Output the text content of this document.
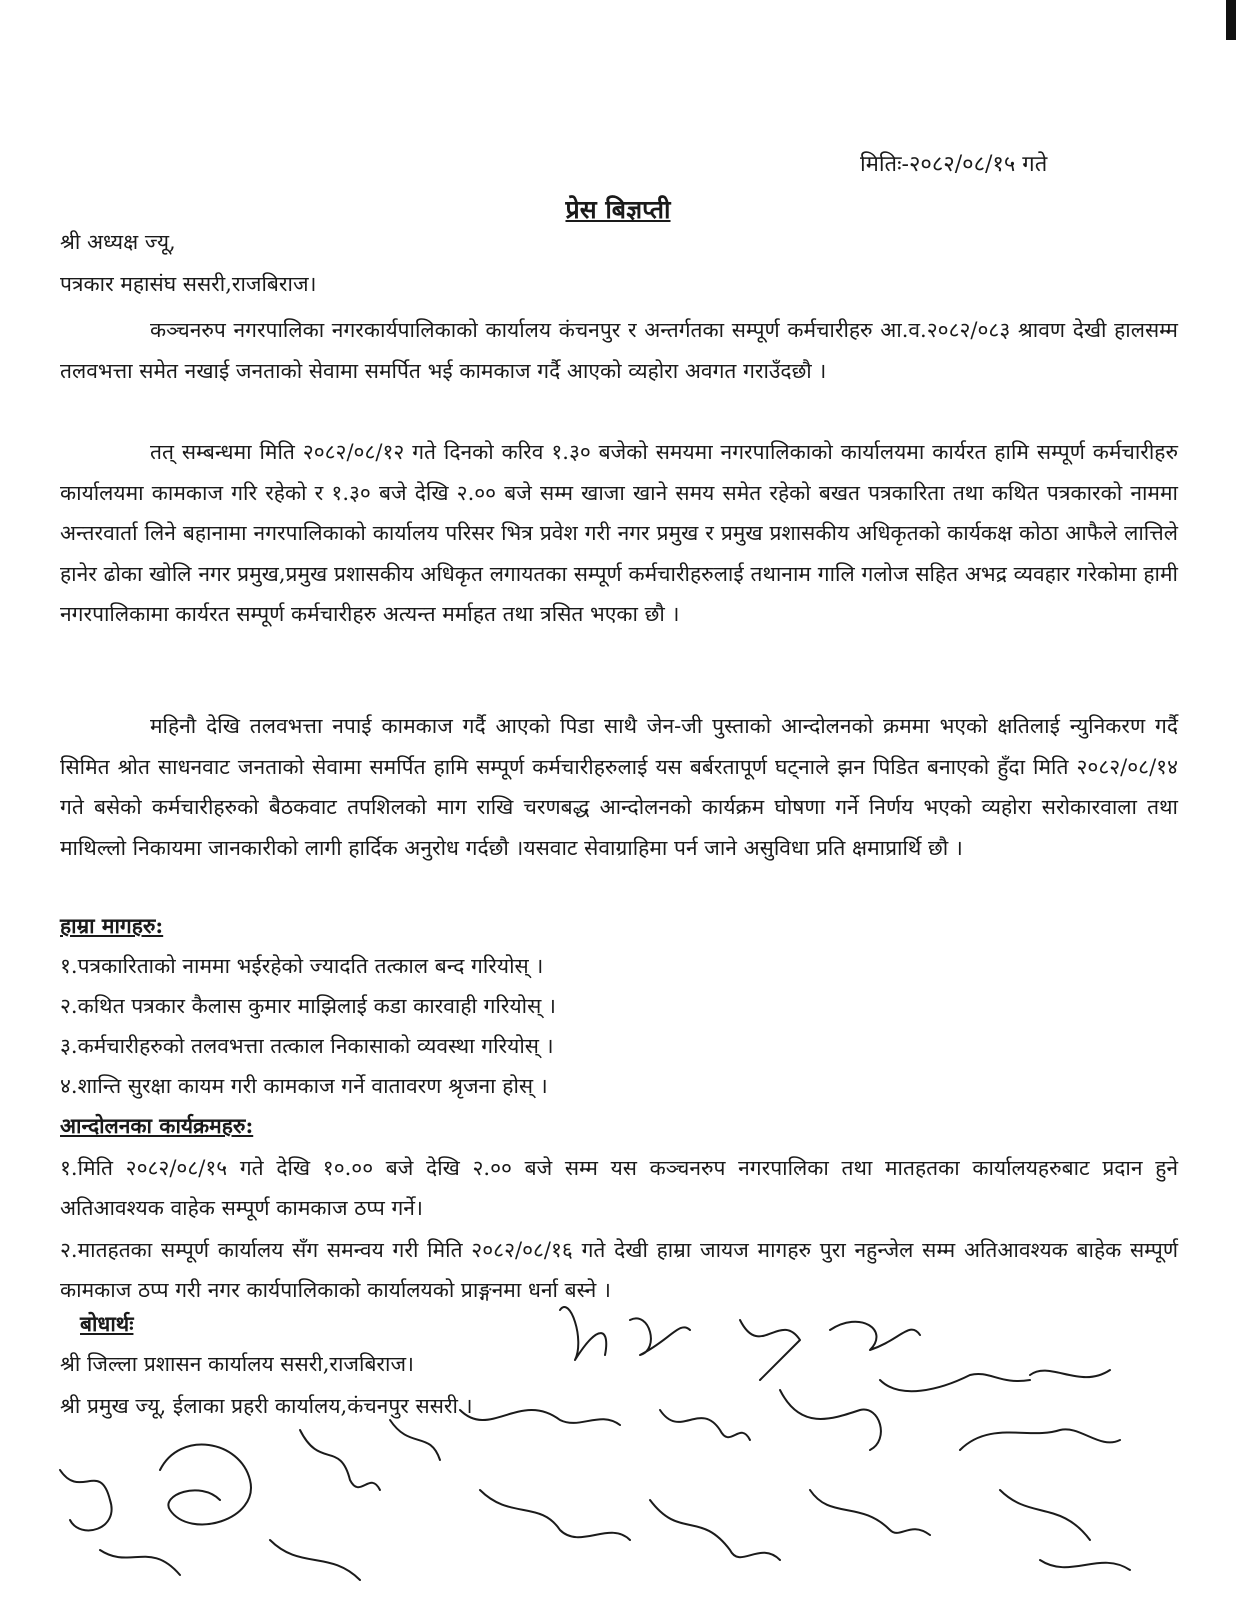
मितिः-२०८२/०८/१५ गते
प्रेस बिज्ञप्ती
श्री अध्यक्ष ज्यू,
पत्रकार महासंघ ससरी,राजबिराज।

कञ्चनरुप नगरपालिका नगरकार्यपालिकाको कार्यालय कंचनपुर र अन्तर्गतका सम्पूर्ण कर्मचारीहरु आ.व.२०८२/०८३ श्रावण देखी हालसम्म तलवभत्ता समेत नखाई जनताको सेवामा समर्पित भई कामकाज गर्दै आएको व्यहोरा अवगत गराउँदछौ ।

तत् सम्बन्धमा मिति २०८२/०८/१२ गते दिनको करिव १.३० बजेको समयमा नगरपालिकाको कार्यालयमा कार्यरत हामि सम्पूर्ण कर्मचारीहरु कार्यालयमा कामकाज गरि रहेको र १.३० बजे देखि २.०० बजे सम्म खाजा खाने समय समेत रहेको बखत पत्रकारिता तथा कथित पत्रकारको नाममा अन्तरवार्ता लिने बहानामा नगरपालिकाको कार्यालय परिसर भित्र प्रवेश गरी नगर प्रमुख र प्रमुख प्रशासकीय अधिकृतको कार्यकक्ष कोठा आफैले लात्तिले हानेर ढोका खोलि नगर प्रमुख,प्रमुख प्रशासकीय अधिकृत लगायतका सम्पूर्ण कर्मचारीहरुलाई तथानाम गालि गलोज सहित अभद्र व्यवहार गरेकोमा हामी नगरपालिकामा कार्यरत सम्पूर्ण कर्मचारीहरु अत्यन्त मर्माहत तथा त्रसित भएका छौ ।

महिनौ देखि तलवभत्ता नपाई कामकाज गर्दै आएको पिडा साथै जेन-जी पुस्ताको आन्दोलनको क्रममा भएको क्षतिलाई न्युनिकरण गर्दै सिमित श्रोत साधनवाट जनताको सेवामा समर्पित हामि सम्पूर्ण कर्मचारीहरुलाई यस बर्बरतापूर्ण घट्नाले झन पिडित बनाएको हुँदा मिति २०८२/०८/१४ गते बसेको कर्मचारीहरुको बैठकवाट तपशिलको माग राखि चरणबद्ध आन्दोलनको कार्यक्रम घोषणा गर्ने निर्णय भएको व्यहोरा सरोकारवाला तथा माथिल्लो निकायमा जानकारीको लागी हार्दिक अनुरोध गर्दछौ ।यसवाट सेवाग्राहिमा पर्न जाने असुविधा प्रति क्षमाप्रार्थि छौ ।

हाम्रा मागहरु:
१.पत्रकारिताको नाममा भईरहेको ज्यादति तत्काल बन्द गरियोस् ।
२.कथित पत्रकार कैलास कुमार माझिलाई कडा कारवाही गरियोस् ।
३.कर्मचारीहरुको तलवभत्ता तत्काल निकासाको व्यवस्था गरियोस् ।
४.शान्ति सुरक्षा कायम गरी कामकाज गर्ने वातावरण श्रृजना होस् ।
आन्दोलनका कार्यक्रमहरु:
१.मिति २०८२/०८/१५ गते देखि १०.०० बजे देखि २.०० बजे सम्म यस कञ्चनरुप नगरपालिका तथा मातहतका कार्यालयहरुबाट प्रदान हुने अतिआवश्यक वाहेक सम्पूर्ण कामकाज ठप्प गर्ने।
२.मातहतका सम्पूर्ण कार्यालय सँग समन्वय गरी मिति २०८२/०८/१६ गते देखी हाम्रा जायज मागहरु पुरा नहुन्जेल सम्म अतिआवश्यक बाहेक सम्पूर्ण कामकाज ठप्प गरी नगर कार्यपालिकाको कार्यालयको प्राङ्गनमा धर्ना बस्ने ।
बोधार्थः
श्री जिल्ला प्रशासन कार्यालय ससरी,राजबिराज।
श्री प्रमुख ज्यू, ईलाका प्रहरी कार्यालय,कंचनपुर ससरी ।
